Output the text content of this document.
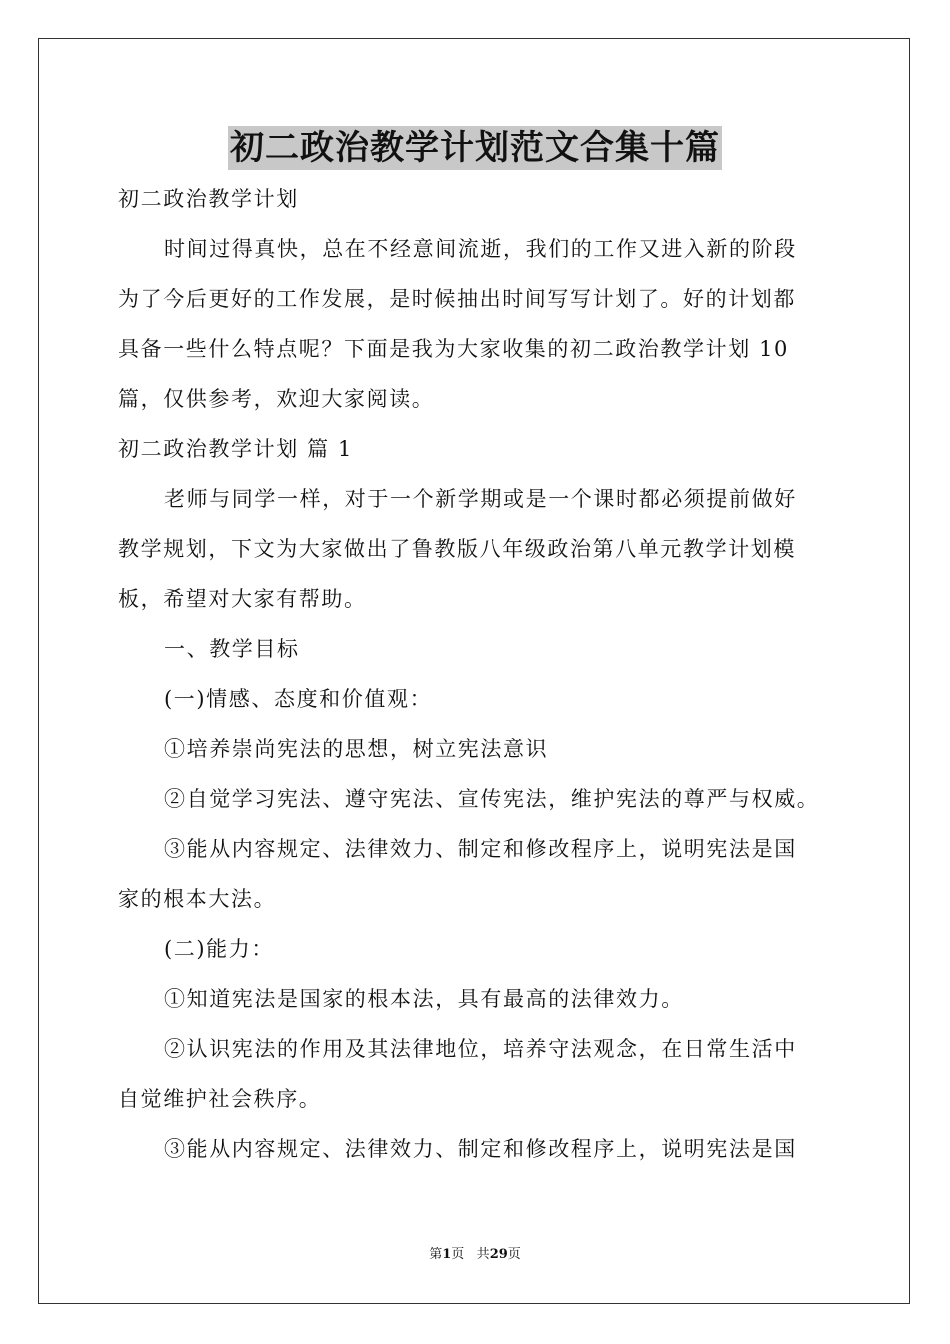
初二政治教学计划范文合集十篇
初二政治教学计划
时间过得真快，总在不经意间流逝，我们的工作又进入新的阶段
为了今后更好的工作发展，是时候抽出时间写写计划了。好的计划都
具备一些什么特点呢？下面是我为大家收集的初二政治教学计划 10
篇，仅供参考，欢迎大家阅读。
初二政治教学计划 篇 1
老师与同学一样，对于一个新学期或是一个课时都必须提前做好
教学规划，下文为大家做出了鲁教版八年级政治第八单元教学计划模
板，希望对大家有帮助。
一、教学目标
(一)情感、态度和价值观：
①培养崇尚宪法的思想，树立宪法意识
②自觉学习宪法、遵守宪法、宣传宪法，维护宪法的尊严与权威。
③能从内容规定、法律效力、制定和修改程序上，说明宪法是国
家的根本大法。
(二)能力：
①知道宪法是国家的根本法，具有最高的法律效力。
②认识宪法的作用及其法律地位，培养守法观念，在日常生活中
自觉维护社会秩序。
③能从内容规定、法律效力、制定和修改程序上，说明宪法是国
第1页 共29页
